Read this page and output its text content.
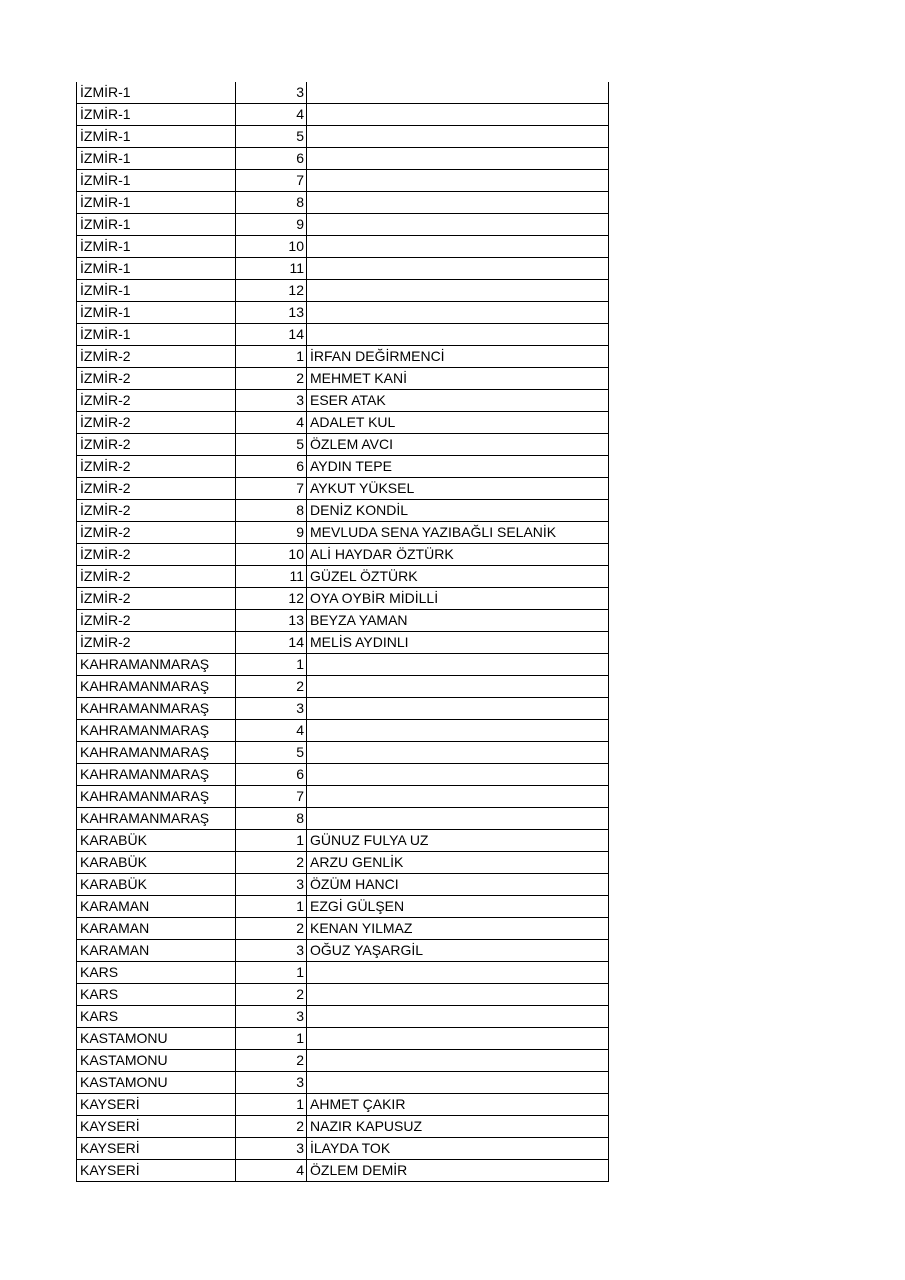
İZMİR-1	3	
İZMİR-1	4	
İZMİR-1	5	
İZMİR-1	6	
İZMİR-1	7	
İZMİR-1	8	
İZMİR-1	9	
İZMİR-1	10	
İZMİR-1	11	
İZMİR-1	12	
İZMİR-1	13	
İZMİR-1	14	
İZMİR-2	1	İRFAN DEĞİRMENCİ
İZMİR-2	2	MEHMET KANİ
İZMİR-2	3	ESER ATAK
İZMİR-2	4	ADALET KUL
İZMİR-2	5	ÖZLEM AVCI
İZMİR-2	6	AYDIN TEPE
İZMİR-2	7	AYKUT YÜKSEL
İZMİR-2	8	DENİZ KONDİL
İZMİR-2	9	MEVLUDA SENA YAZIBAĞLI SELANİK
İZMİR-2	10	ALİ HAYDAR ÖZTÜRK
İZMİR-2	11	GÜZEL ÖZTÜRK
İZMİR-2	12	OYA OYBİR MİDİLLİ
İZMİR-2	13	BEYZA YAMAN
İZMİR-2	14	MELİS AYDINLI
KAHRAMANMARAŞ	1	
KAHRAMANMARAŞ	2	
KAHRAMANMARAŞ	3	
KAHRAMANMARAŞ	4	
KAHRAMANMARAŞ	5	
KAHRAMANMARAŞ	6	
KAHRAMANMARAŞ	7	
KAHRAMANMARAŞ	8	
KARABÜK	1	GÜNUZ FULYA UZ
KARABÜK	2	ARZU GENLİK
KARABÜK	3	ÖZÜM HANCI
KARAMAN	1	EZGİ GÜLŞEN
KARAMAN	2	KENAN YILMAZ
KARAMAN	3	OĞUZ YAŞARGİL
KARS	1	
KARS	2	
KARS	3	
KASTAMONU	1	
KASTAMONU	2	
KASTAMONU	3	
KAYSERİ	1	AHMET ÇAKIR
KAYSERİ	2	NAZIR KAPUSUZ
KAYSERİ	3	İLAYDA TOK
KAYSERİ	4	ÖZLEM DEMİR
